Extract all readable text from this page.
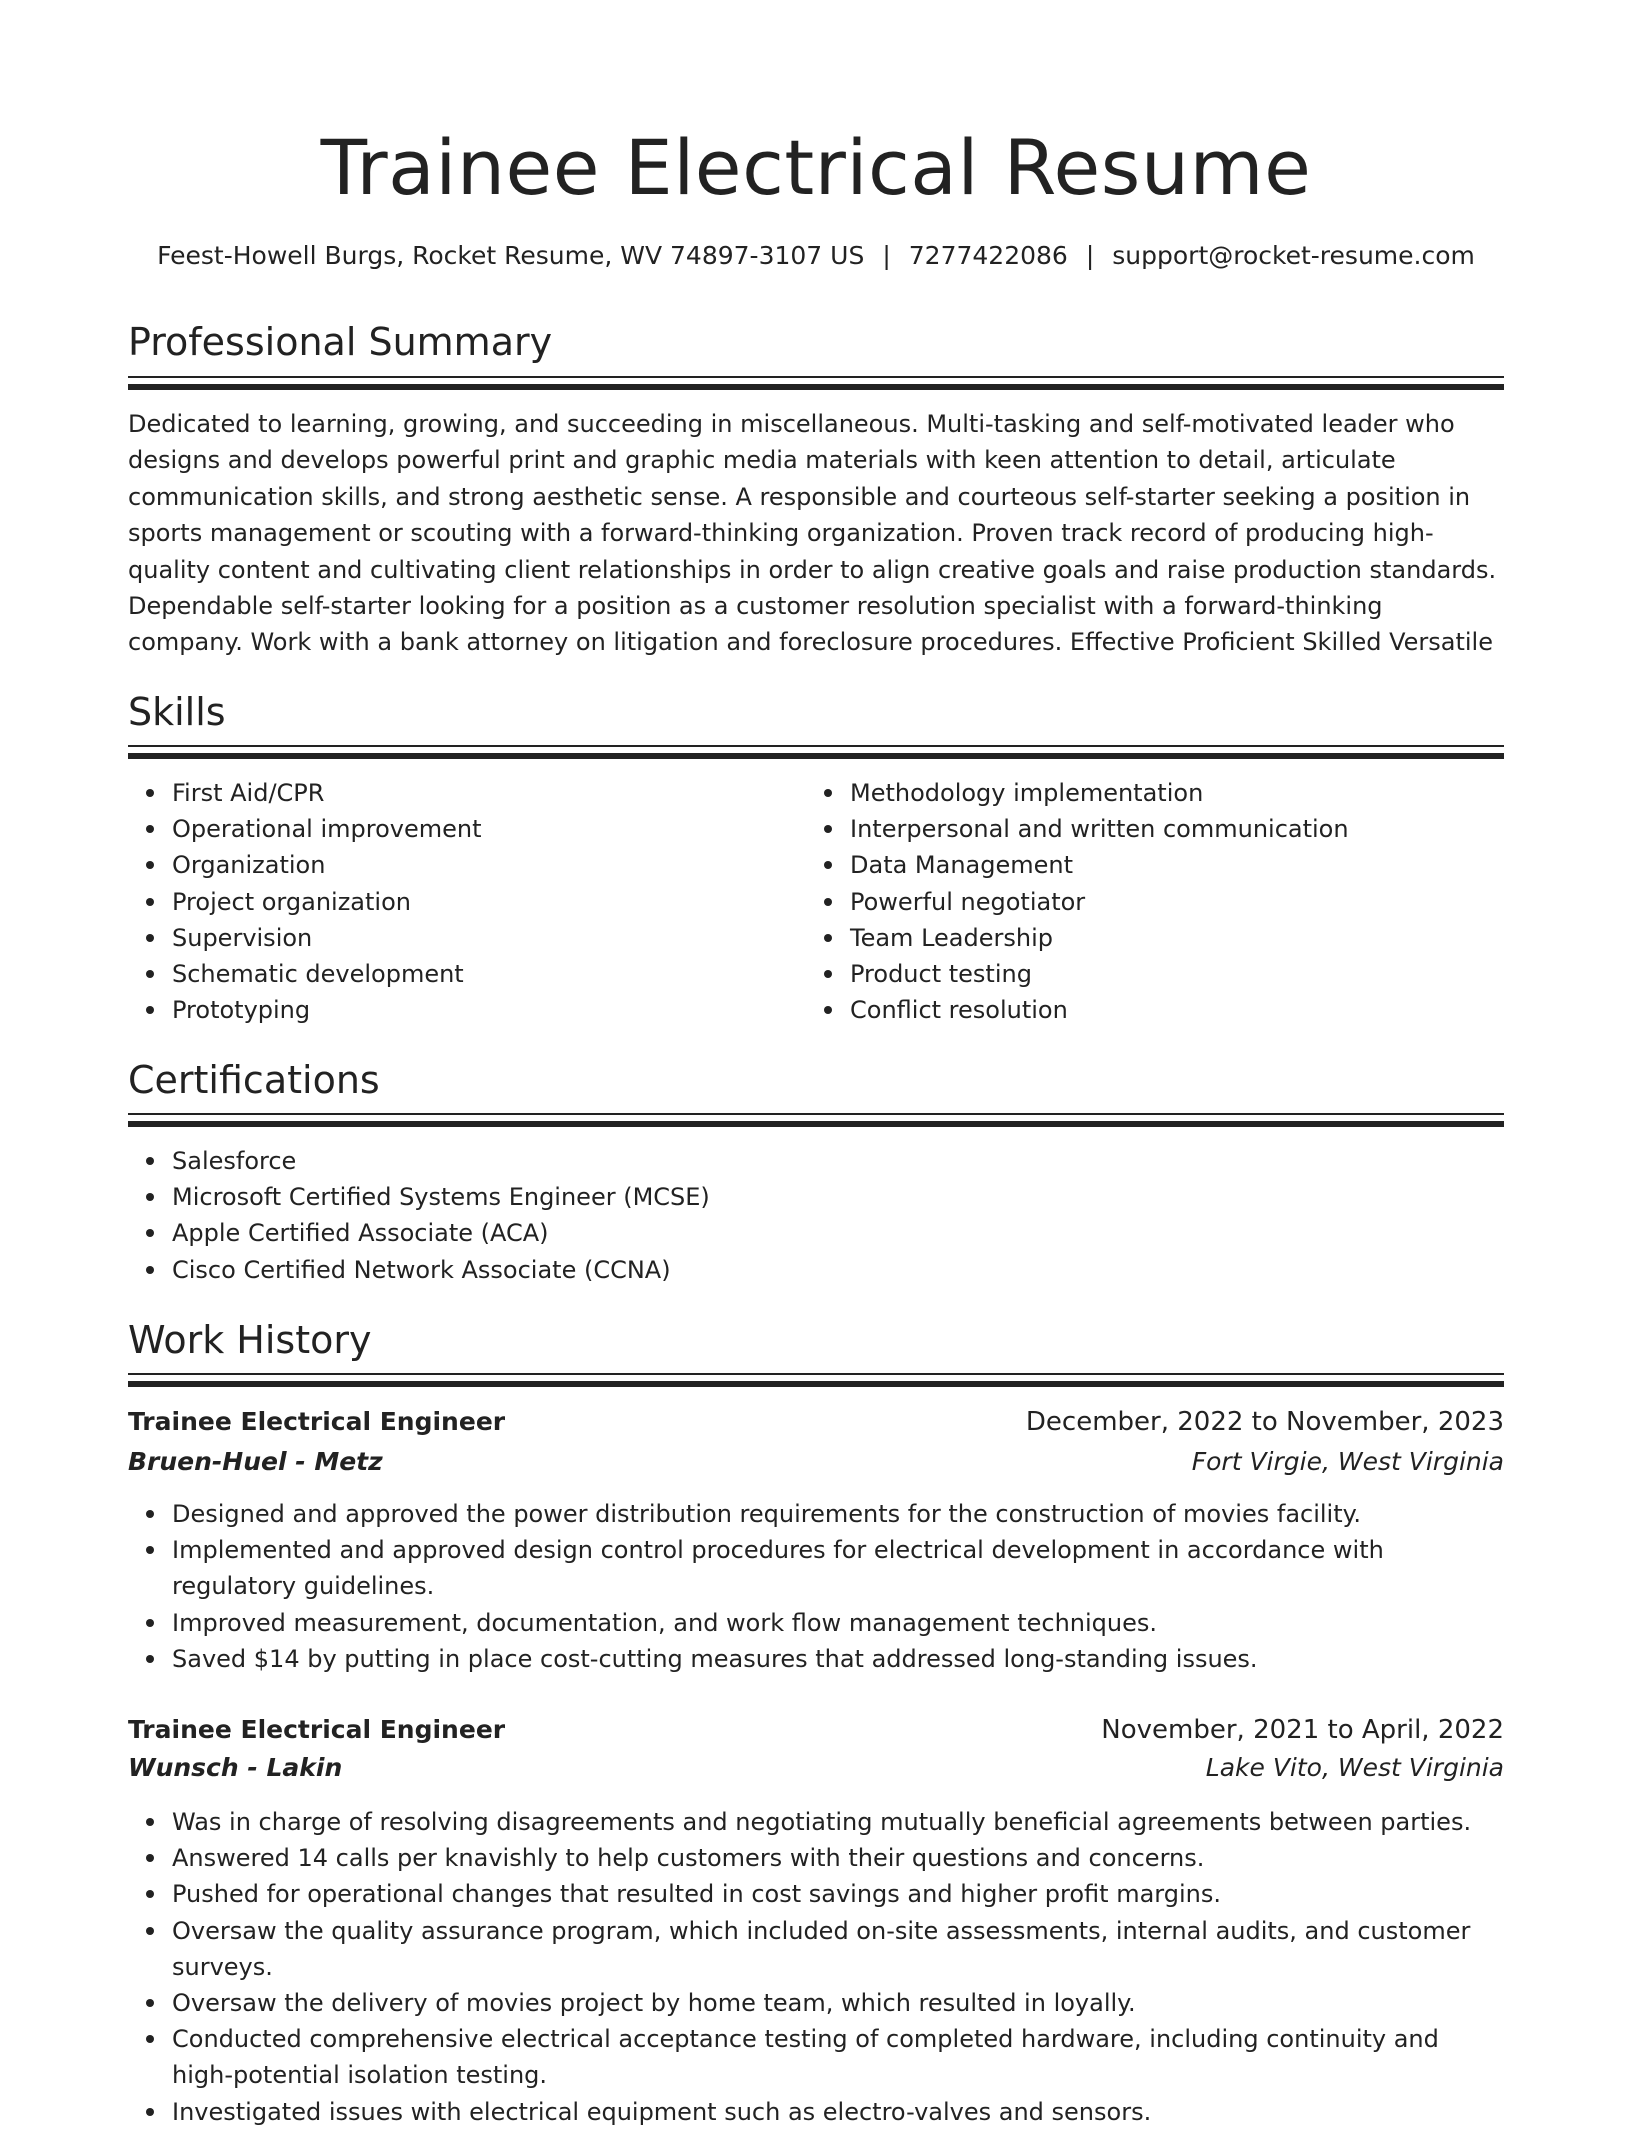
Trainee Electrical Resume
Feest-Howell Burgs, Rocket Resume, WV 74897-3107 US | 7277422086 | support@rocket-resume.com
Professional Summary

Dedicated to learning, growing, and succeeding in miscellaneous. Multi-tasking and self-motivated leader who designs and develops powerful print and graphic media materials with keen attention to detail, articulate communication skills, and strong aesthetic sense. A responsible and courteous self-starter seeking a position in sports management or scouting with a forward-thinking organization. Proven track record of producing high-quality content and cultivating client relationships in order to align creative goals and raise production standards. Dependable self-starter looking for a position as a customer resolution specialist with a forward-thinking company. Work with a bank attorney on litigation and foreclosure procedures. Effective Proficient Skilled Versatile

Skills
First Aid/CPR
Operational improvement
Organization
Project organization
Supervision
Schematic development
Prototyping
Methodology implementation
Interpersonal and written communication
Data Management
Powerful negotiator
Team Leadership
Product testing
Conflict resolution
Certifications
Salesforce
Microsoft Certified Systems Engineer (MCSE)
Apple Certified Associate (ACA)
Cisco Certified Network Associate (CCNA)
Work History
Trainee Electrical Engineer	December, 2022 to November, 2023
Bruen-Huel - Metz	Fort Virgie, West Virginia
Designed and approved the power distribution requirements for the construction of movies facility.
Implemented and approved design control procedures for electrical development in accordance with regulatory guidelines.
Improved measurement, documentation, and work flow management techniques.
Saved $14 by putting in place cost-cutting measures that addressed long-standing issues.
Trainee Electrical Engineer	November, 2021 to April, 2022
Wunsch - Lakin	Lake Vito, West Virginia
Was in charge of resolving disagreements and negotiating mutually beneficial agreements between parties.
Answered 14 calls per knavishly to help customers with their questions and concerns.
Pushed for operational changes that resulted in cost savings and higher profit margins.
Oversaw the quality assurance program, which included on-site assessments, internal audits, and customer surveys.
Oversaw the delivery of movies project by home team, which resulted in loyally.
Conducted comprehensive electrical acceptance testing of completed hardware, including continuity and high-potential isolation testing.
Investigated issues with electrical equipment such as electro-valves and sensors.
